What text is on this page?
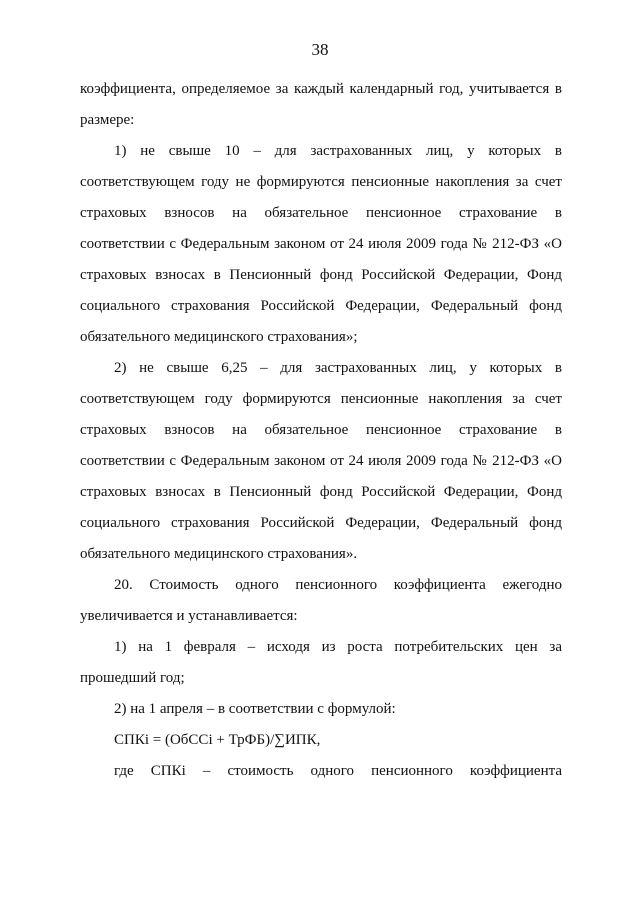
38
коэффициента, определяемое за каждый календарный год, учитывается в
размере:
1) не свыше 10 – для застрахованных лиц, у которых в
соответствующем году не формируются пенсионные накопления за счет
страховых взносов на обязательное пенсионное страхование в
соответствии с Федеральным законом от 24 июля 2009 года № 212-ФЗ «О
страховых взносах в Пенсионный фонд Российской Федерации, Фонд
социального страхования Российской Федерации, Федеральный фонд
обязательного медицинского страхования»;
2) не свыше 6,25 – для застрахованных лиц, у которых в
соответствующем году формируются пенсионные накопления за счет
страховых взносов на обязательное пенсионное страхование в
соответствии с Федеральным законом от 24 июля 2009 года № 212-ФЗ «О
страховых взносах в Пенсионный фонд Российской Федерации, Фонд
социального страхования Российской Федерации, Федеральный фонд
обязательного медицинского страхования».
20. Стоимость одного пенсионного коэффициента ежегодно
увеличивается и устанавливается:
1) на 1 февраля – исходя из роста потребительских цен за
прошедший год;
2) на 1 апреля – в соответствии с формулой:
СПКi = (ОбССi + ТрФБ)/∑ИПК,
где СПКi – стоимость одного пенсионного коэффициента
